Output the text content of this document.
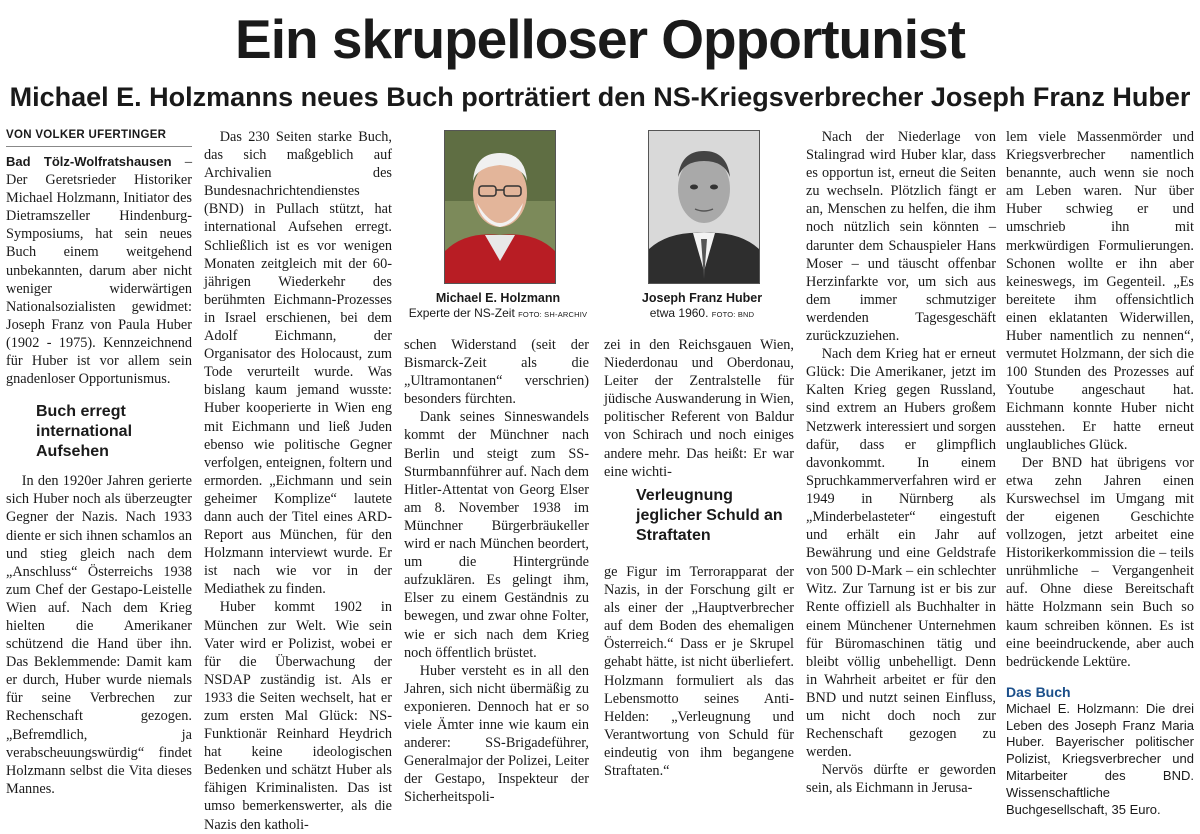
Ein skrupelloser Opportunist
Michael E. Holzmanns neues Buch porträtiert den NS-Kriegsverbrecher Joseph Franz Huber
VON VOLKER UFERTINGER

Bad Tölz-Wolfratshausen – Der Geretsrieder Historiker Michael Holzmann, Initiator des Dietramszeller Hindenburg-Symposiums, hat sein neues Buch einem weitgehend unbekannten, darum aber nicht weniger widerwärtigen Nationalsozialisten gewidmet: Joseph Franz von Paula Huber (1902 - 1975). Kennzeichnend für Huber ist vor allem sein gnadenloser Opportunismus.

Buch erregt international Aufsehen

In den 1920er Jahren gerierte sich Huber noch als überzeugter Gegner der Nazis. Nach 1933 diente er sich ihnen schamlos an und stieg gleich nach dem „Anschluss“ Österreichs 1938 zum Chef der Gestapo-Leistelle Wien auf. Nach dem Krieg hielten die Amerikaner schützend die Hand über ihn. Das Beklemmende: Damit kam er durch, Huber wurde niemals für seine Verbrechen zur Rechenschaft gezogen. „Befremdlich, ja verabscheuungswürdig“ findet Holzmann selbst die Vita dieses Mannes.

Das 230 Seiten starke Buch, das sich maßgeblich auf Archivalien des Bundesnachrichtendienstes (BND) in Pullach stützt, hat international Aufsehen erregt. Schließlich ist es vor wenigen Monaten zeitgleich mit der 60-jährigen Wiederkehr des berühmten Eichmann-Prozesses in Israel erschienen, bei dem Adolf Eichmann, der Organisator des Holocaust, zum Tode verurteilt wurde. Was bislang kaum jemand wusste: Huber kooperierte in Wien eng mit Eichmann und ließ Juden ebenso wie politische Gegner verfolgen, enteignen, foltern und ermorden. „Eichmann und sein geheimer Komplize“ lautete dann auch der Titel eines ARD-Report aus München, für den Holzmann interviewt wurde. Er ist nach wie vor in der Mediathek zu finden.

Huber kommt 1902 in München zur Welt. Wie sein Vater wird er Polizist, wobei er für die Überwachung der NSDAP zuständig ist. Als er 1933 die Seiten wechselt, hat er zum ersten Mal Glück: NS-Funktionär Reinhard Heydrich hat keine ideologischen Bedenken und schätzt Huber als fähigen Kriminalisten. Das ist umso bemerkenswerter, als die Nazis den katholi-

Michael E. Holzmann
Experte der NS-Zeit FOTO: SH-ARCHIV
Joseph Franz Huber
etwa 1960. FOTO: BND

schen Widerstand (seit der Bismarck-Zeit als die „Ultramontanen“ verschrien) besonders fürchten.

Dank seines Sinneswandels kommt der Münchner nach Berlin und steigt zum SS-Sturmbannführer auf. Nach dem Hitler-Attentat von Georg Elser am 8. November 1938 im Münchner Bürgerbräukeller wird er nach München beordert, um die Hintergründe aufzuklären. Es gelingt ihm, Elser zu einem Geständnis zu bewegen, und zwar ohne Folter, wie er sich nach dem Krieg noch öffentlich brüstet.

Huber versteht es in all den Jahren, sich nicht übermäßig zu exponieren. Dennoch hat er so viele Ämter inne wie kaum ein anderer: SS-Brigadeführer, Generalmajor der Polizei, Leiter der Gestapo, Inspekteur der Sicherheitspoli-

zei in den Reichsgauen Wien, Niederdonau und Oberdonau, Leiter der Zentralstelle für jüdische Auswanderung in Wien, politischer Referent von Baldur von Schirach und noch einiges andere mehr. Das heißt: Er war eine wichti-

Verleugnung jeglicher Schuld an Straftaten

ge Figur im Terrorapparat der Nazis, in der Forschung gilt er als einer der „Hauptverbrecher auf dem Boden des ehemaligen Österreich.“ Dass er je Skrupel gehabt hätte, ist nicht überliefert. Holzmann formuliert als das Lebensmotto seines Anti-Helden: „Verleugnung und Verantwortung von Schuld für eindeutig von ihm begangene Straftaten.“

Nach der Niederlage von Stalingrad wird Huber klar, dass es opportun ist, erneut die Seiten zu wechseln. Plötzlich fängt er an, Menschen zu helfen, die ihm noch nützlich sein könnten – darunter dem Schauspieler Hans Moser – und täuscht offenbar Herzinfarkte vor, um sich aus dem immer schmutziger werdenden Tagesgeschäft zurückzuziehen.

Nach dem Krieg hat er erneut Glück: Die Amerikaner, jetzt im Kalten Krieg gegen Russland, sind extrem an Hubers großem Netzwerk interessiert und sorgen dafür, dass er glimpflich davonkommt. In einem Spruchkammerverfahren wird er 1949 in Nürnberg als „Minderbelasteter“ eingestuft und erhält ein Jahr auf Bewährung und eine Geldstrafe von 500 D-Mark – ein schlechter Witz. Zur Tarnung ist er bis zur Rente offiziell als Buchhalter in einem Münchener Unternehmen für Büromaschinen tätig und bleibt völlig unbehelligt. Denn in Wahrheit arbeitet er für den BND und nutzt seinen Einfluss, um nicht doch noch zur Rechenschaft gezogen zu werden.

Nervös dürfte er geworden sein, als Eichmann in Jerusa-

lem viele Massenmörder und Kriegsverbrecher namentlich benannte, auch wenn sie noch am Leben waren. Nur über Huber schwieg er und umschrieb ihn mit merkwürdigen Formulierungen. Schonen wollte er ihn aber keineswegs, im Gegenteil. „Es bereitete ihm offensichtlich einen eklatanten Widerwillen, Huber namentlich zu nennen“, vermutet Holzmann, der sich die 100 Stunden des Prozesses auf Youtube angeschaut hat. Eichmann konnte Huber nicht ausstehen. Er hatte erneut unglaubliches Glück.

Der BND hat übrigens vor etwa zehn Jahren einen Kurswechsel im Umgang mit der eigenen Geschichte vollzogen, jetzt arbeitet eine Historikerkommission die – teils unrühmliche – Vergangenheit auf. Ohne diese Bereitschaft hätte Holzmann sein Buch so kaum schreiben können. Es ist eine beeindruckende, aber auch bedrückende Lektüre.

Das Buch

Michael E. Holzmann: Die drei Leben des Joseph Franz Maria Huber. Bayerischer politischer Polizist, Kriegsverbrecher und Mitarbeiter des BND. Wissenschaftliche Buchgesellschaft, 35 Euro.
